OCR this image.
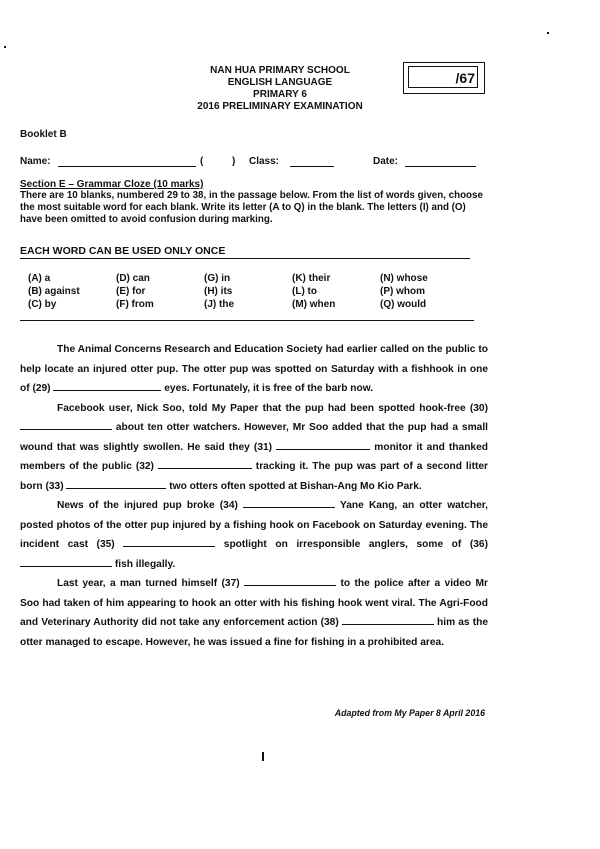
NAN HUA PRIMARY SCHOOL
ENGLISH LANGUAGE
PRIMARY 6
2016 PRELIMINARY EXAMINATION
/67
Booklet B
Name:	(	) Class:	Date:
Section E – Grammar Cloze (10 marks)
There are 10 blanks, numbered 29 to 38, in the passage below. From the list of words given, choose the most suitable word for each blank. Write its letter (A to Q) in the blank. The letters (I) and (O) have been omitted to avoid confusion during marking.
EACH WORD CAN BE USED ONLY ONCE
(A) a	(D) can	(G) in	(K) their	(N) whose
(B) against	(E) for	(H) its	(L) to	(P) whom
(C) by	(F) from	(J) the	(M) when	(Q) would

The Animal Concerns Research and Education Society had earlier called on the public to help locate an injured otter pup. The otter pup was spotted on Saturday with a fishhook in one of (29)	eyes. Fortunately, it is free of the barb now.

Facebook user, Nick Soo, told My Paper that the pup had been spotted hook-free (30)  about ten otter watchers. However, Mr Soo added that the pup had a small wound that was slightly swollen. He said they (31)	monitor it and thanked members of the public (32)	tracking it. The pup was part of a second litter born (33)	two otters often spotted at Bishan-Ang Mo Kio Park.

News of the injured pup broke (34)	Yane Kang, an otter watcher, posted photos of the otter pup injured by a fishing hook on Facebook on Saturday evening. The incident cast (35)	spotlight on irresponsible anglers, some of (36)  fish illegally.

Last year, a man turned himself (37)	to the police after a video Mr Soo had taken of him appearing to hook an otter with his fishing hook went viral. The Agri-Food and Veterinary Authority did not take any enforcement action (38)	him as the otter managed to escape. However, he was issued a fine for fishing in a prohibited area.

Adapted from My Paper 8 April 2016
